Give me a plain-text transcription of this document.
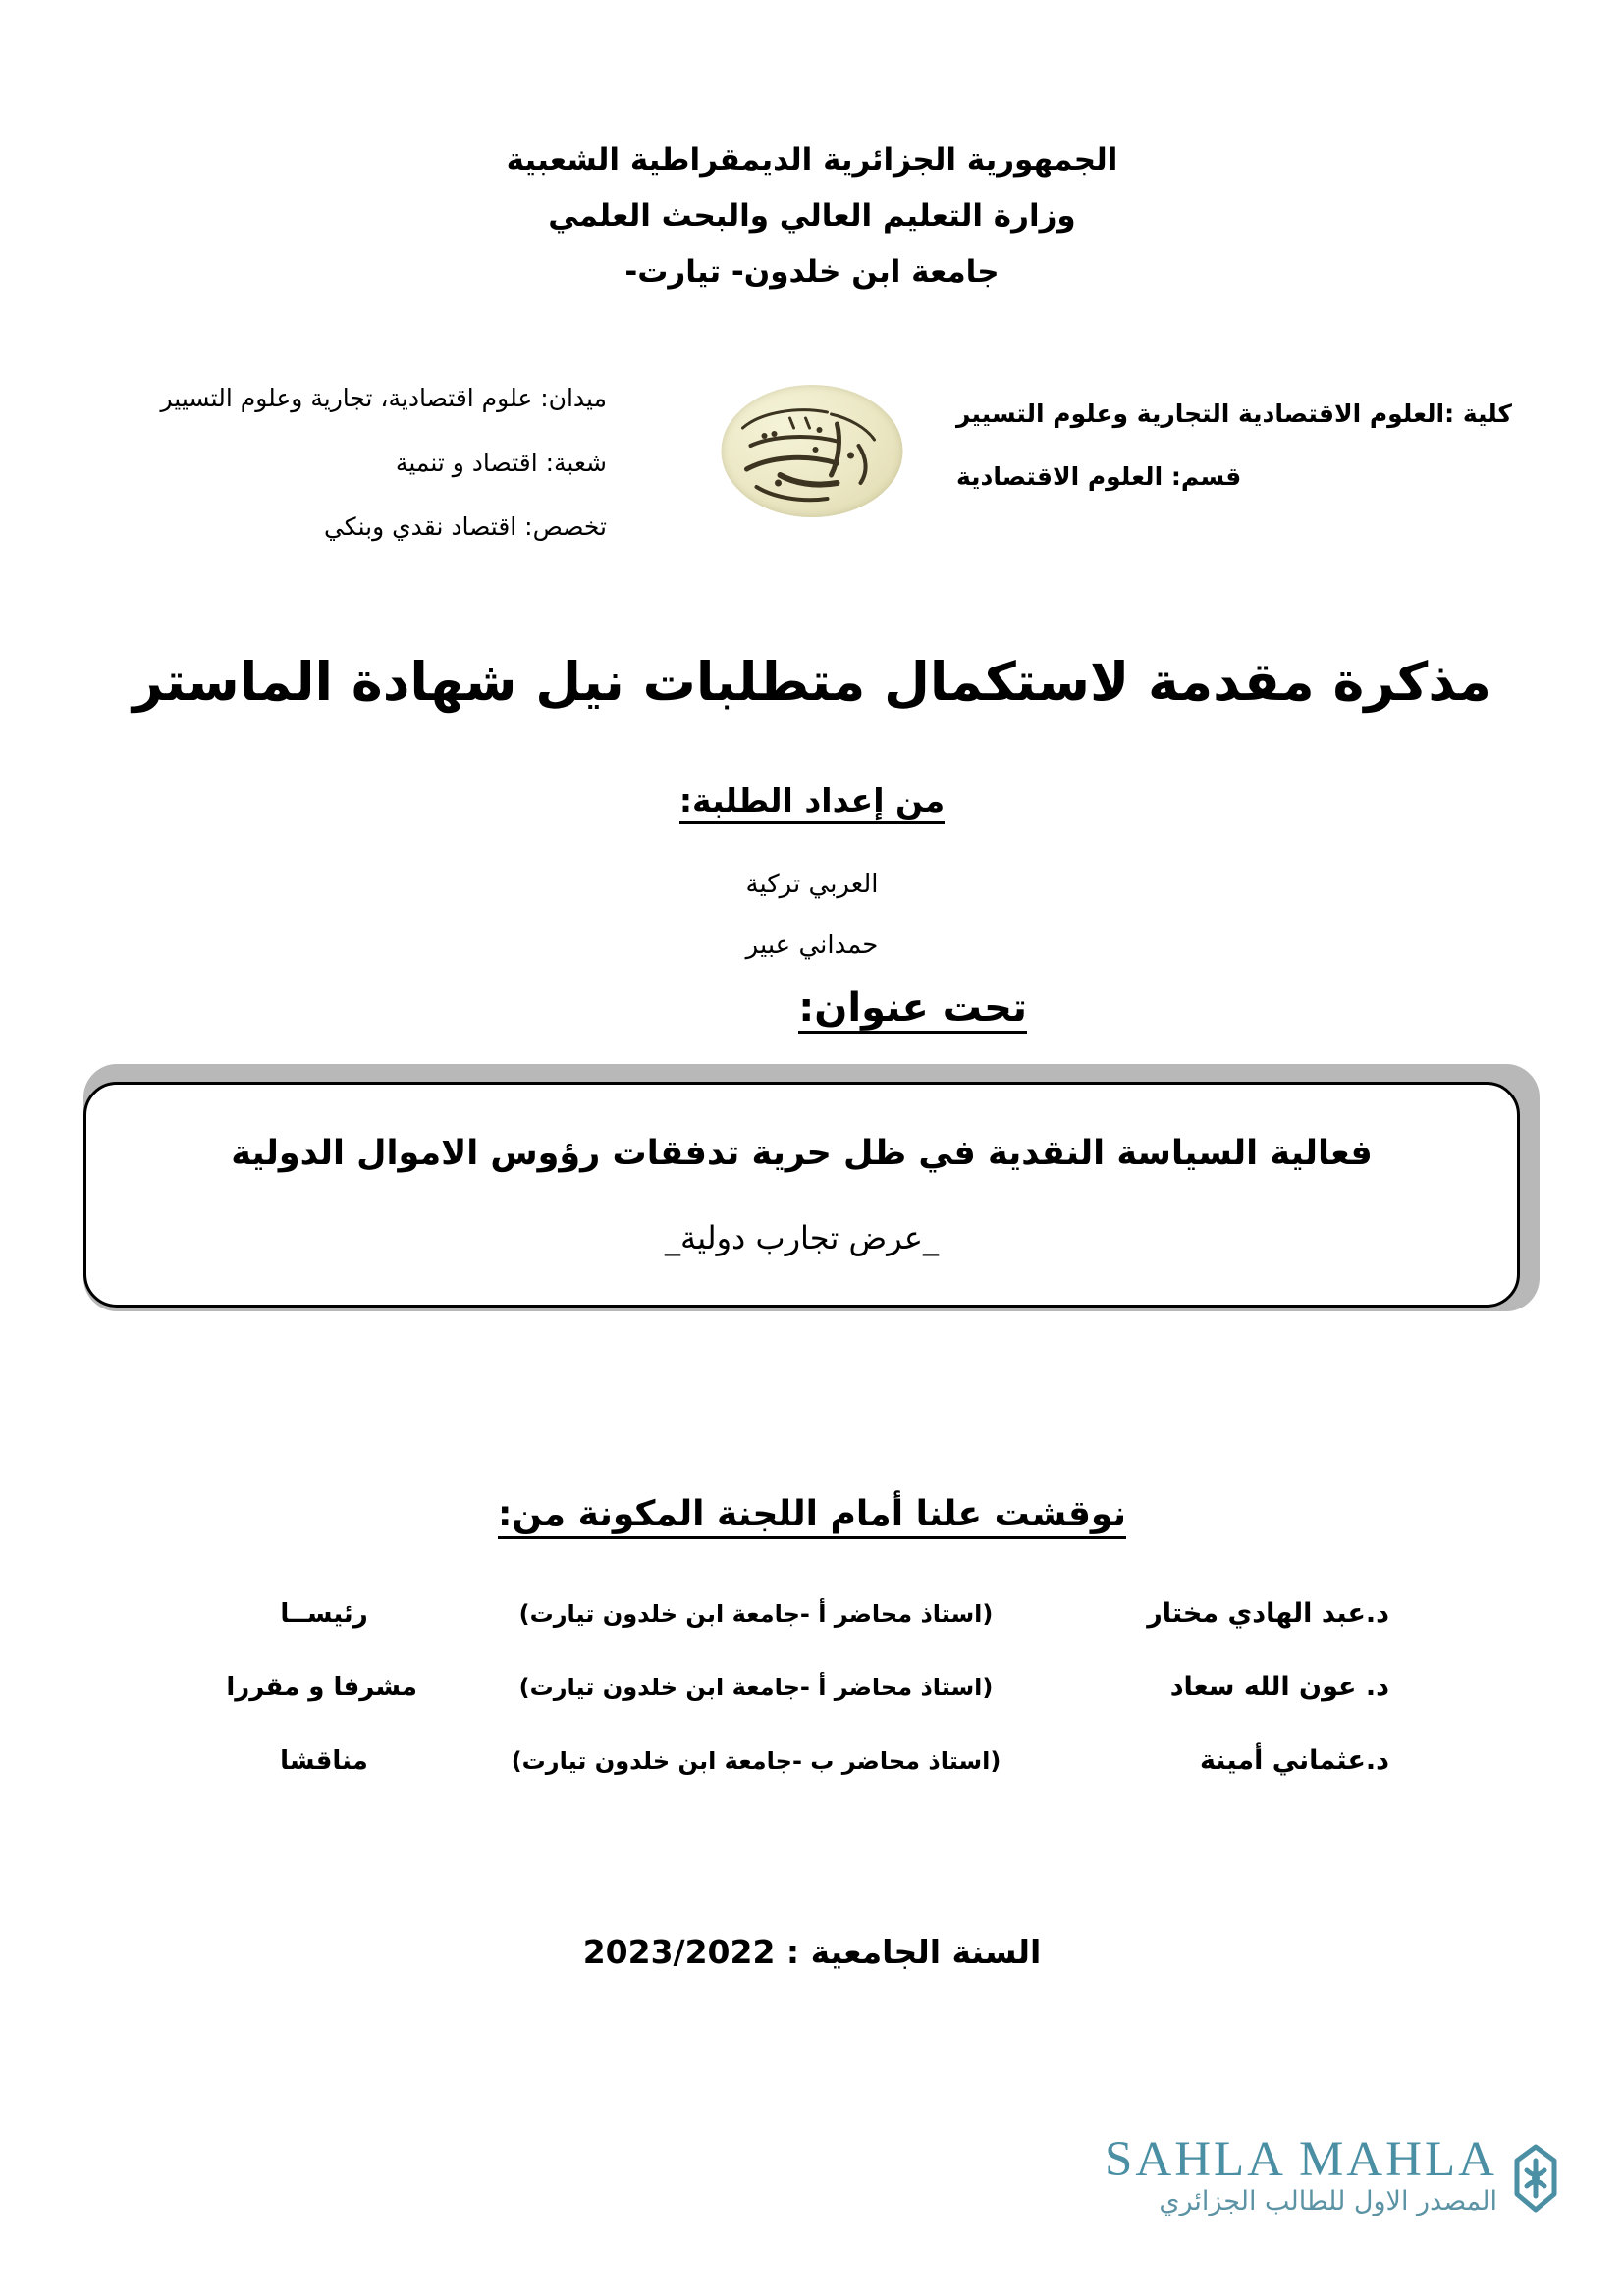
الجمهورية الجزائرية الديمقراطية الشعبية
وزارة التعليم العالي والبحث العلمي
جامعة ابن خلدون- تيارت-
كلية :العلوم الاقتصادية التجارية وعلوم التسيير
قسم: العلوم الاقتصادية
ميدان: علوم اقتصادية، تجارية وعلوم التسيير
شعبة: اقتصاد و تنمية
تخصص: اقتصاد نقدي وبنكي
مذكرة مقدمة لاستكمال متطلبات نيل شهادة الماستر
من إعداد الطلبة:
العربي تركية
حمداني عبير
تحت عنوان:
فعالية السياسة النقدية في ظل حرية تدفقات رؤوس الاموال الدولية
_عرض تجارب دولية_
نوقشت علنا أمام اللجنة المكونة من:
د.عبد الهادي مختار
(استاذ محاضر أ -جامعة ابن خلدون تيارت)
رئيســا
د. عون الله سعاد
(استاذ محاضر أ -جامعة ابن خلدون تيارت)
مشرفا و مقررا
د.عثماني أمينة
(استاذ محاضر ب -جامعة ابن خلدون تيارت)
مناقشا
السنة الجامعية : 2023/2022
SAHLA MAHLA
المصدر الاول للطالب الجزائري
